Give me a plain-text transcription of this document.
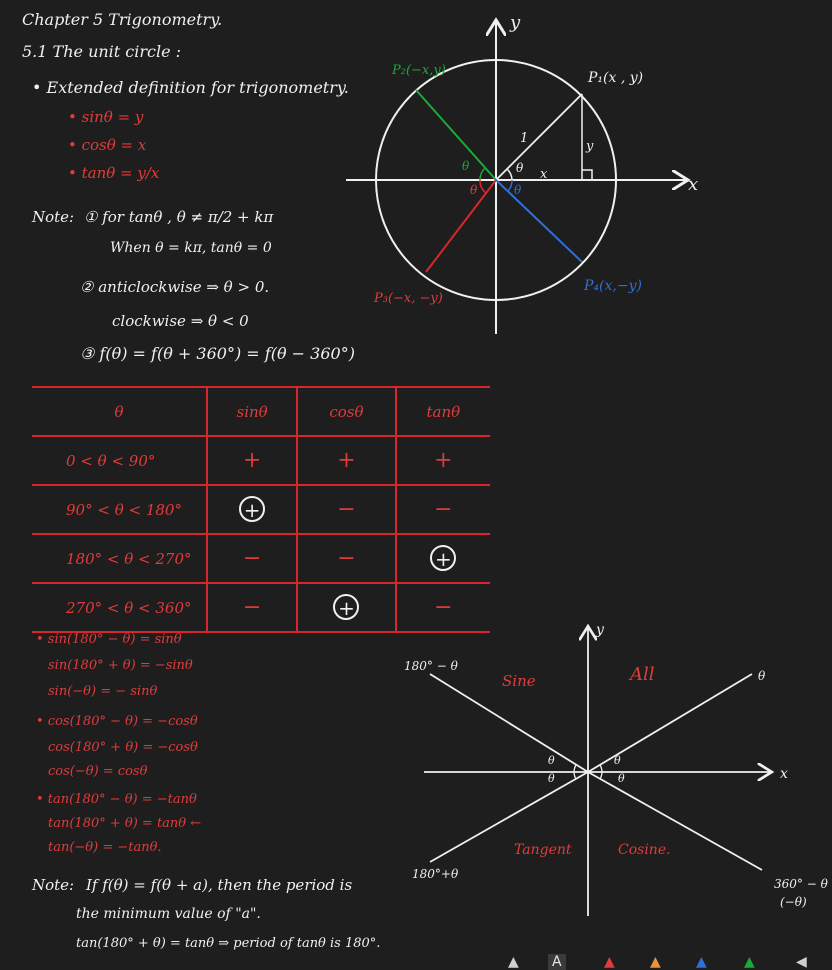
Chapter 5 Trigonometry.
5.1 The unit circle :
• Extended definition for trigonometry.
• sinθ = y
• cosθ = x
• tanθ = y/x
Note: ① for tanθ , θ ≠ π/2 + kπ
When θ = kπ, tanθ = 0
② anticlockwise ⇒ θ > 0.
clockwise ⇒ θ < 0
③ f(θ) = f(θ + 360°) = f(θ − 360°)
x
y
P₁(x , y)
P₂(−x,y)
P₃(−x, −y)
P₄(x,−y)
1
y
x
θ
θ
θ	θ
θ	sinθ	cosθ	tanθ
0 < θ < 90°	+	+	+
90° < θ < 180°	+	−	−
180° < θ < 270°	−	−	+
270° < θ < 360°	−	+	−
• sin(180° − θ) = sinθ
sin(180° + θ) = −sinθ
sin(−θ) = − sinθ
• cos(180° − θ) = −cosθ
cos(180° + θ) = −cosθ
cos(−θ) = cosθ
• tan(180° − θ) = −tanθ
tan(180° + θ) = tanθ ←
tan(−θ) = −tanθ.
x
y
Sine	All
Tangent	Cosine.
180° − θ
θ
180°+θ
360° − θ
(−θ)
θ
θ
θ
θ
Note: If f(θ) = f(θ + a), then the period is
the minimum value of "a".
tan(180° + θ) = tanθ ⇒ period of tanθ is 180°.
▲ A	▲	▲	▲	▲	◀
